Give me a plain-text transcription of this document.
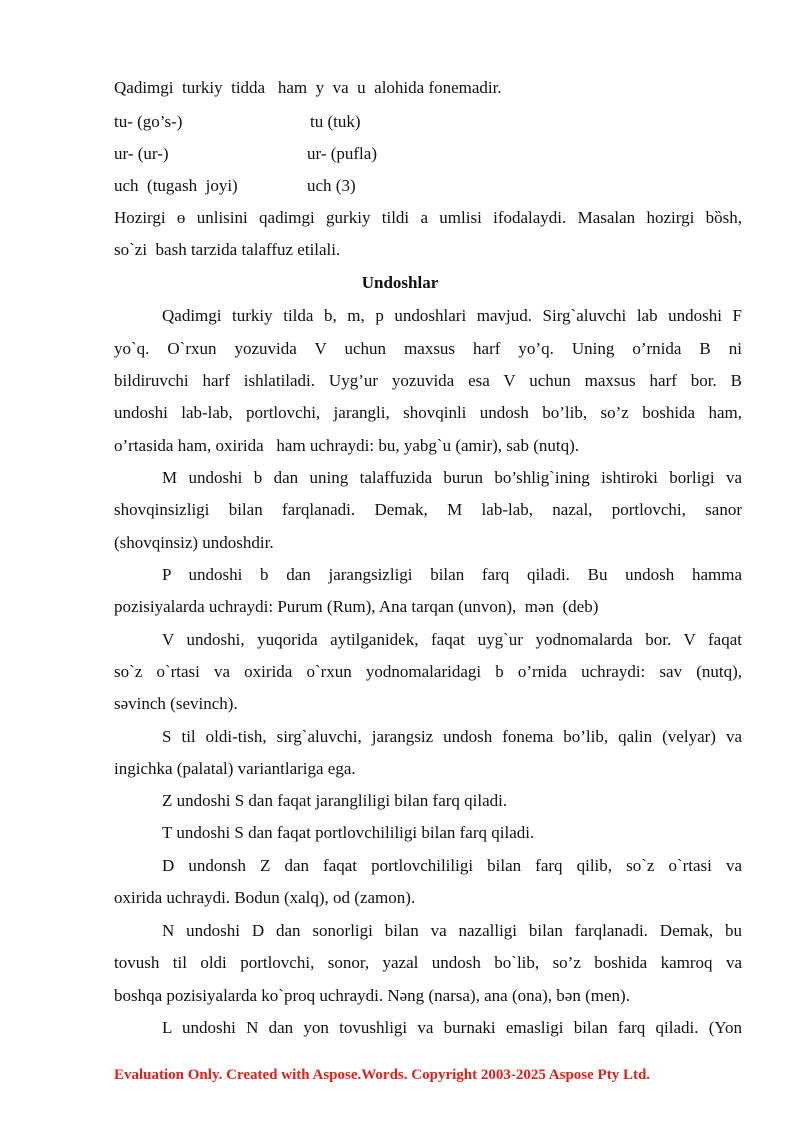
Qadimgi  turkiy  tidda   ham  y  va  u  alohida fonemadir.
tu- (go’s-)	tu (tuk)
ur- (ur-)	ur- (pufla)
uch  (tugash  joyi)	uch (3)
Hozirgi ɵ unlisini qadimgi gurkiy tildi a umlisi ifodalaydi. Masalan hozirgi bȍsh,
so`zi  bash tarzida talaffuz etilali.
Undoshlar
Qadimgi turkiy tilda b, m, p undoshlari mavjud. Sirg`aluvchi lab undoshi F
yo`q. O`rxun yozuvida V uchun maxsus harf yo’q. Uning o’rnida B ni
bildiruvchi harf ishlatiladi. Uyg’ur yozuvida esa V uchun maxsus harf bor. B
undoshi lab-lab, portlovchi, jarangli, shovqinli undosh bo’lib, so’z boshida ham,
o’rtasida ham, oxirida   ham uchraydi: bu, yabg`u (amir), sab (nutq).
M undoshi b dan uning talaffuzida burun bo’shlig`ining ishtiroki borligi va
shovqinsizligi bilan farqlanadi. Demak, M lab-lab, nazal, portlovchi, sanor
(shovqinsiz) undoshdir.
P undoshi b dan jarangsizligi bilan farq qiladi. Bu undosh hamma
pozisiyalarda uchraydi: Purum (Rum), Ana tarqan (unvon),  mən  (deb)
V undoshi, yuqorida aytilganidek, faqat uyg`ur yodnomalarda bor. V faqat
so`z o`rtasi va oxirida o`rxun yodnomalaridagi b o’rnida uchraydi: sav (nutq),
səvinch (sevinch).
S til oldi-tish, sirg`aluvchi, jarangsiz undosh fonema bo’lib, qalin (velyar) va
ingichka (palatal) variantlariga ega.
Z undoshi S dan faqat jarangliligi bilan farq qiladi.
T undoshi S dan faqat portlovchililigi bilan farq qiladi.
D undonsh Z dan faqat portlovchililigi bilan farq qilib, so`z o`rtasi va
oxirida uchraydi. Bodun (xalq), od (zamon).
N undoshi D dan sonorligi bilan va nazalligi bilan farqlanadi. Demak, bu
tovush til oldi portlovchi, sonor, yazal undosh bo`lib, so’z boshida kamroq va
boshqa pozisiyalarda ko`proq uchraydi. Nəng (narsa), ana (ona), bən (men).
L undoshi N dan yon tovushligi va burnaki emasligi bilan farq qiladi. (Yon
Evaluation Only. Created with Aspose.Words. Copyright 2003-2025 Aspose Pty Ltd.
